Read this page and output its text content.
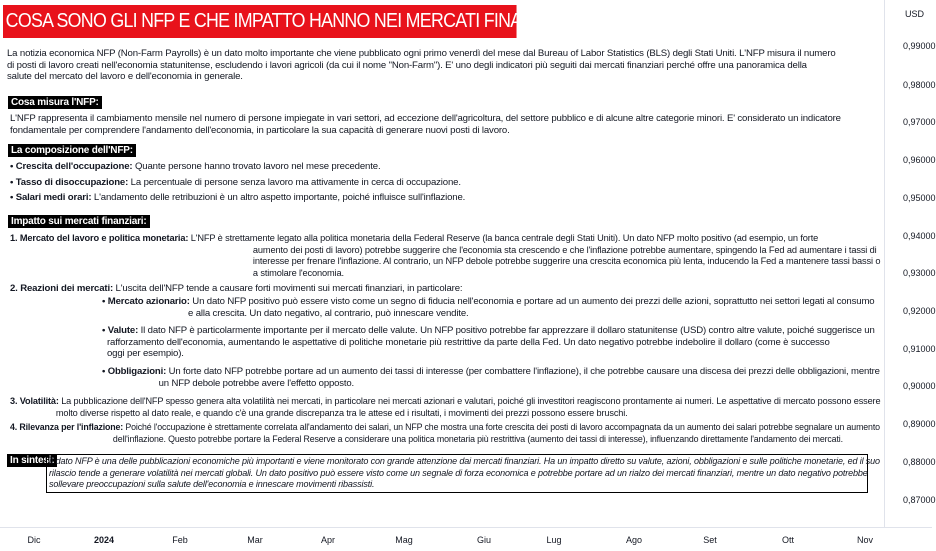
USD
0,99000
0,98000
0,97000
0,96000
0,95000
0,94000
0,93000
0,92000
0,91000
0,90000
0,89000
0,88000
0,87000
Dic	2024	Feb	Mar	Apr	Mag	Giu	Lug	Ago	Set	Ott	Nov
COSA SONO GLI NFP E CHE IMPATTO HANNO NEI MERCATI FINANZIARI
La notizia economica NFP (Non-Farm Payrolls) è un dato molto importante che viene pubblicato ogni primo venerdì del mese dal Bureau of Labor Statistics (BLS) degli Stati Uniti. L'NFP misura il numero
di posti di lavoro creati nell'economia statunitense, escludendo i lavori agricoli (da cui il nome "Non-Farm"). E' uno degli indicatori più seguiti dai mercati finanziari perché offre una panoramica della
salute del mercato del lavoro e dell'economia in generale.
Cosa misura l'NFP:
L'NFP rappresenta il cambiamento mensile nel numero di persone impiegate in vari settori, ad eccezione dell'agricoltura, del settore pubblico e di alcune altre categorie minori. E' considerato un indicatore
fondamentale per comprendere l'andamento dell'economia, in particolare la sua capacità di generare nuovi posti di lavoro.
La composizione dell'NFP:
• Crescita dell'occupazione: Quante persone hanno trovato lavoro nel mese precedente.
• Tasso di disoccupazione: La percentuale di persone senza lavoro ma attivamente in cerca di occupazione.
• Salari medi orari: L'andamento delle retribuzioni è un altro aspetto importante, poiché influisce sull'inflazione.
Impatto sui mercati finanziari:
1. Mercato del lavoro e politica monetaria: L'NFP è strettamente legato alla politica monetaria della Federal Reserve (la banca centrale degli Stati Uniti). Un dato NFP molto positivo (ad esempio, un forte
aumento dei posti di lavoro) potrebbe suggerire che l'economia sta crescendo e che l'inflazione potrebbe aumentare, spingendo la Fed ad aumentare i tassi di
interesse per frenare l'inflazione. Al contrario, un NFP debole potrebbe suggerire una crescita economica più lenta, inducendo la Fed a mantenere tassi bassi o
a stimolare l'economia.
2. Reazioni dei mercati: L'uscita dell'NFP tende a causare forti movimenti sui mercati finanziari, in particolare:
• Mercato azionario: Un dato NFP positivo può essere visto come un segno di fiducia nell'economia e portare ad un aumento dei prezzi delle azioni, soprattutto nei settori legati al consumo
e alla crescita. Un dato negativo, al contrario, può innescare vendite.
• Valute: Il dato NFP è particolarmente importante per il mercato delle valute. Un NFP positivo potrebbe far apprezzare il dollaro statunitense (USD) contro altre valute, poiché suggerisce un
rafforzamento dell'economia, aumentando le aspettative di politiche monetarie più restrittive da parte della Fed. Un dato negativo potrebbe indebolire il dollaro (come è successo
oggi per esempio).
• Obbligazioni: Un forte dato NFP potrebbe portare ad un aumento dei tassi di interesse (per combattere l'inflazione), il che potrebbe causare una discesa dei prezzi delle obbligazioni, mentre
un NFP debole potrebbe avere l'effetto opposto.
3. Volatilità: La pubblicazione dell'NFP spesso genera alta volatilità nei mercati, in particolare nei mercati azionari e valutari, poiché gli investitori reagiscono prontamente ai numeri. Le aspettative di mercato possono essere
molto diverse rispetto al dato reale, e quando c'è una grande discrepanza tra le attese ed i risultati, i movimenti dei prezzi possono essere bruschi.
4. Rilevanza per l'inflazione: Poiché l'occupazione è strettamente correlata all'andamento dei salari, un NFP che mostra una forte crescita dei posti di lavoro accompagnata da un aumento dei salari potrebbe segnalare un aumento
dell'inflazione. Questo potrebbe portare la Federal Reserve a considerare una politica monetaria più restrittiva (aumento dei tassi di interesse), influenzando direttamente l'andamento dei mercati.
In sintesi:
Il dato NFP è una delle pubblicazioni economiche più importanti e viene monitorato con grande attenzione dai mercati finanziari. Ha un impatto diretto su valute, azioni, obbligazioni e sulle politiche monetarie, ed il suo
rilascio tende a generare volatilità nei mercati globali. Un dato positivo può essere visto come un segnale di forza economica e potrebbe portare ad un rialzo dei mercati finanziari, mentre un dato negativo potrebbe
sollevare preoccupazioni sulla salute dell'economia e innescare movimenti ribassisti.
